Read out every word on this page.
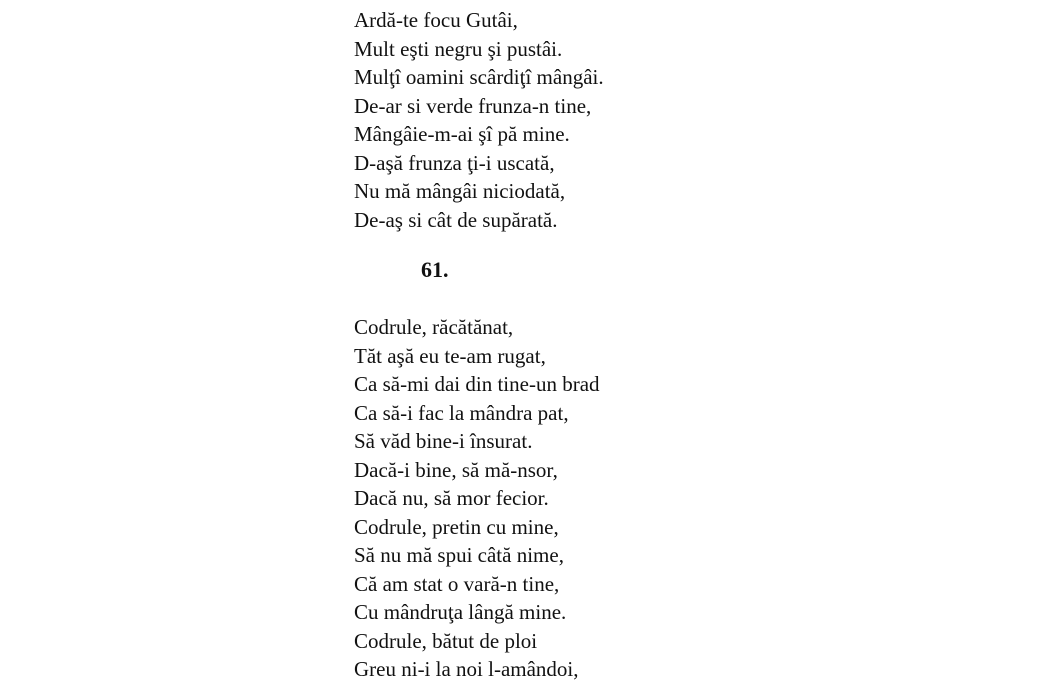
Ardă-te focu Gutâi,
Mult eşti negru şi pustâi.
Mulţî oamini scârdiţî mângâi.
De-ar si verde frunza-n tine,
Mângâie-m-ai şî pă mine.
D-aşă frunza ţi-i uscată,
Nu mă mângâi niciodată,
De-aş si cât de supărată.
61.
Codrule, răcătănat,
Tăt aşă eu te-am rugat,
Ca să-mi dai din tine-un brad
Ca să-i fac la mândra pat,
Să văd bine-i însurat.
Dacă-i bine, să mă-nsor,
Dacă nu, să mor fecior.
Codrule, pretin cu mine,
Să nu mă spui câtă nime,
Că am stat o vară-n tine,
Cu mândruţa lângă mine.
Codrule, bătut de ploi
Greu ni-i la noi l-amândoi,
